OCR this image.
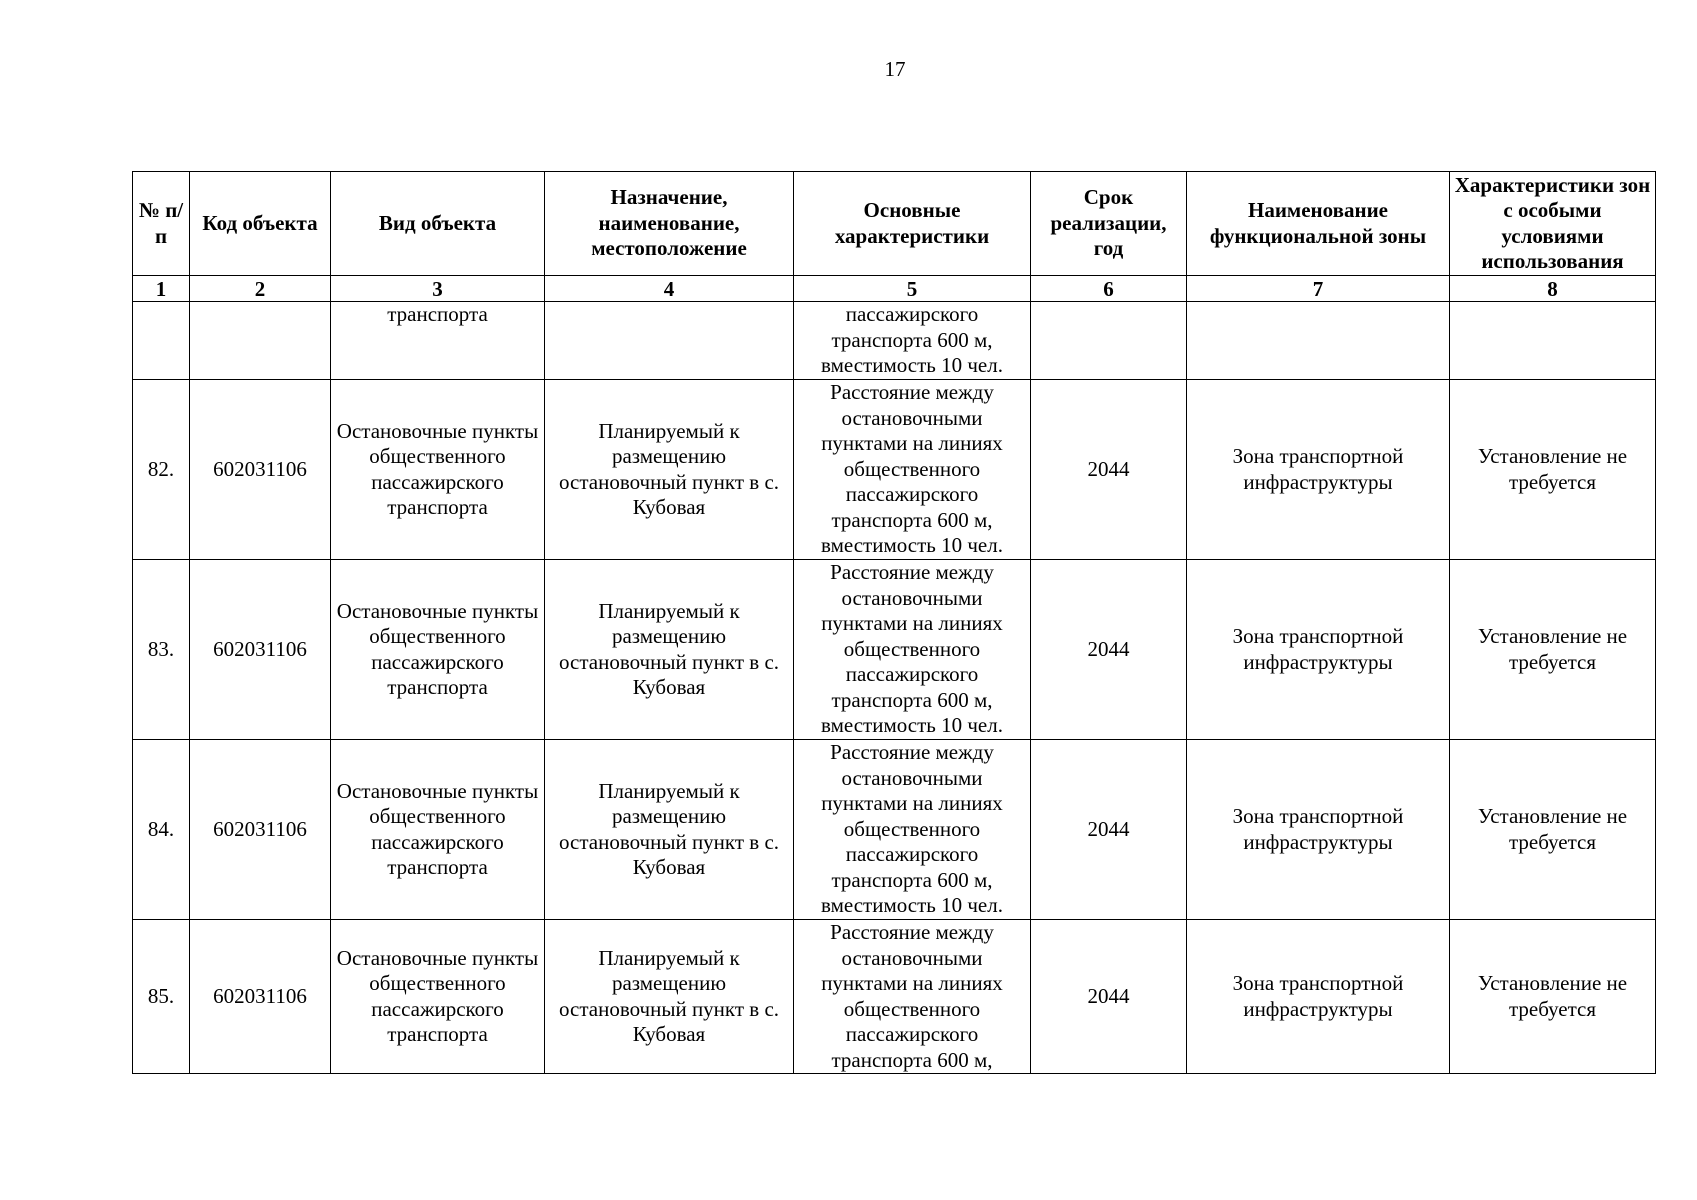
17
№ п/п	Код объекта	Вид объекта	Назначение, наименование, местоположение	Основные характеристики	Срок реализации, год	Наименование функциональной зоны	Характеристики зон с особыми условиями использования
1	2	3	4	5	6	7	8
		транспорта		пассажирского транспорта 600 м, вместимость 10 чел.			
82.	602031106	Остановочные пункты общественного пассажирского транспорта	Планируемый к размещению остановочный пункт в с. Кубовая	Расстояние между остановочными пунктами на линиях общественного пассажирского транспорта 600 м, вместимость 10 чел.	2044	Зона транспортной инфраструктуры	Установление не требуется
83.	602031106	Остановочные пункты общественного пассажирского транспорта	Планируемый к размещению остановочный пункт в с. Кубовая	Расстояние между остановочными пунктами на линиях общественного пассажирского транспорта 600 м, вместимость 10 чел.	2044	Зона транспортной инфраструктуры	Установление не требуется
84.	602031106	Остановочные пункты общественного пассажирского транспорта	Планируемый к размещению остановочный пункт в с. Кубовая	Расстояние между остановочными пунктами на линиях общественного пассажирского транспорта 600 м, вместимость 10 чел.	2044	Зона транспортной инфраструктуры	Установление не требуется
85.	602031106	Остановочные пункты общественного пассажирского транспорта	Планируемый к размещению остановочный пункт в с. Кубовая	Расстояние между остановочными пунктами на линиях общественного пассажирского транспорта 600 м,	2044	Зона транспортной инфраструктуры	Установление не требуется
